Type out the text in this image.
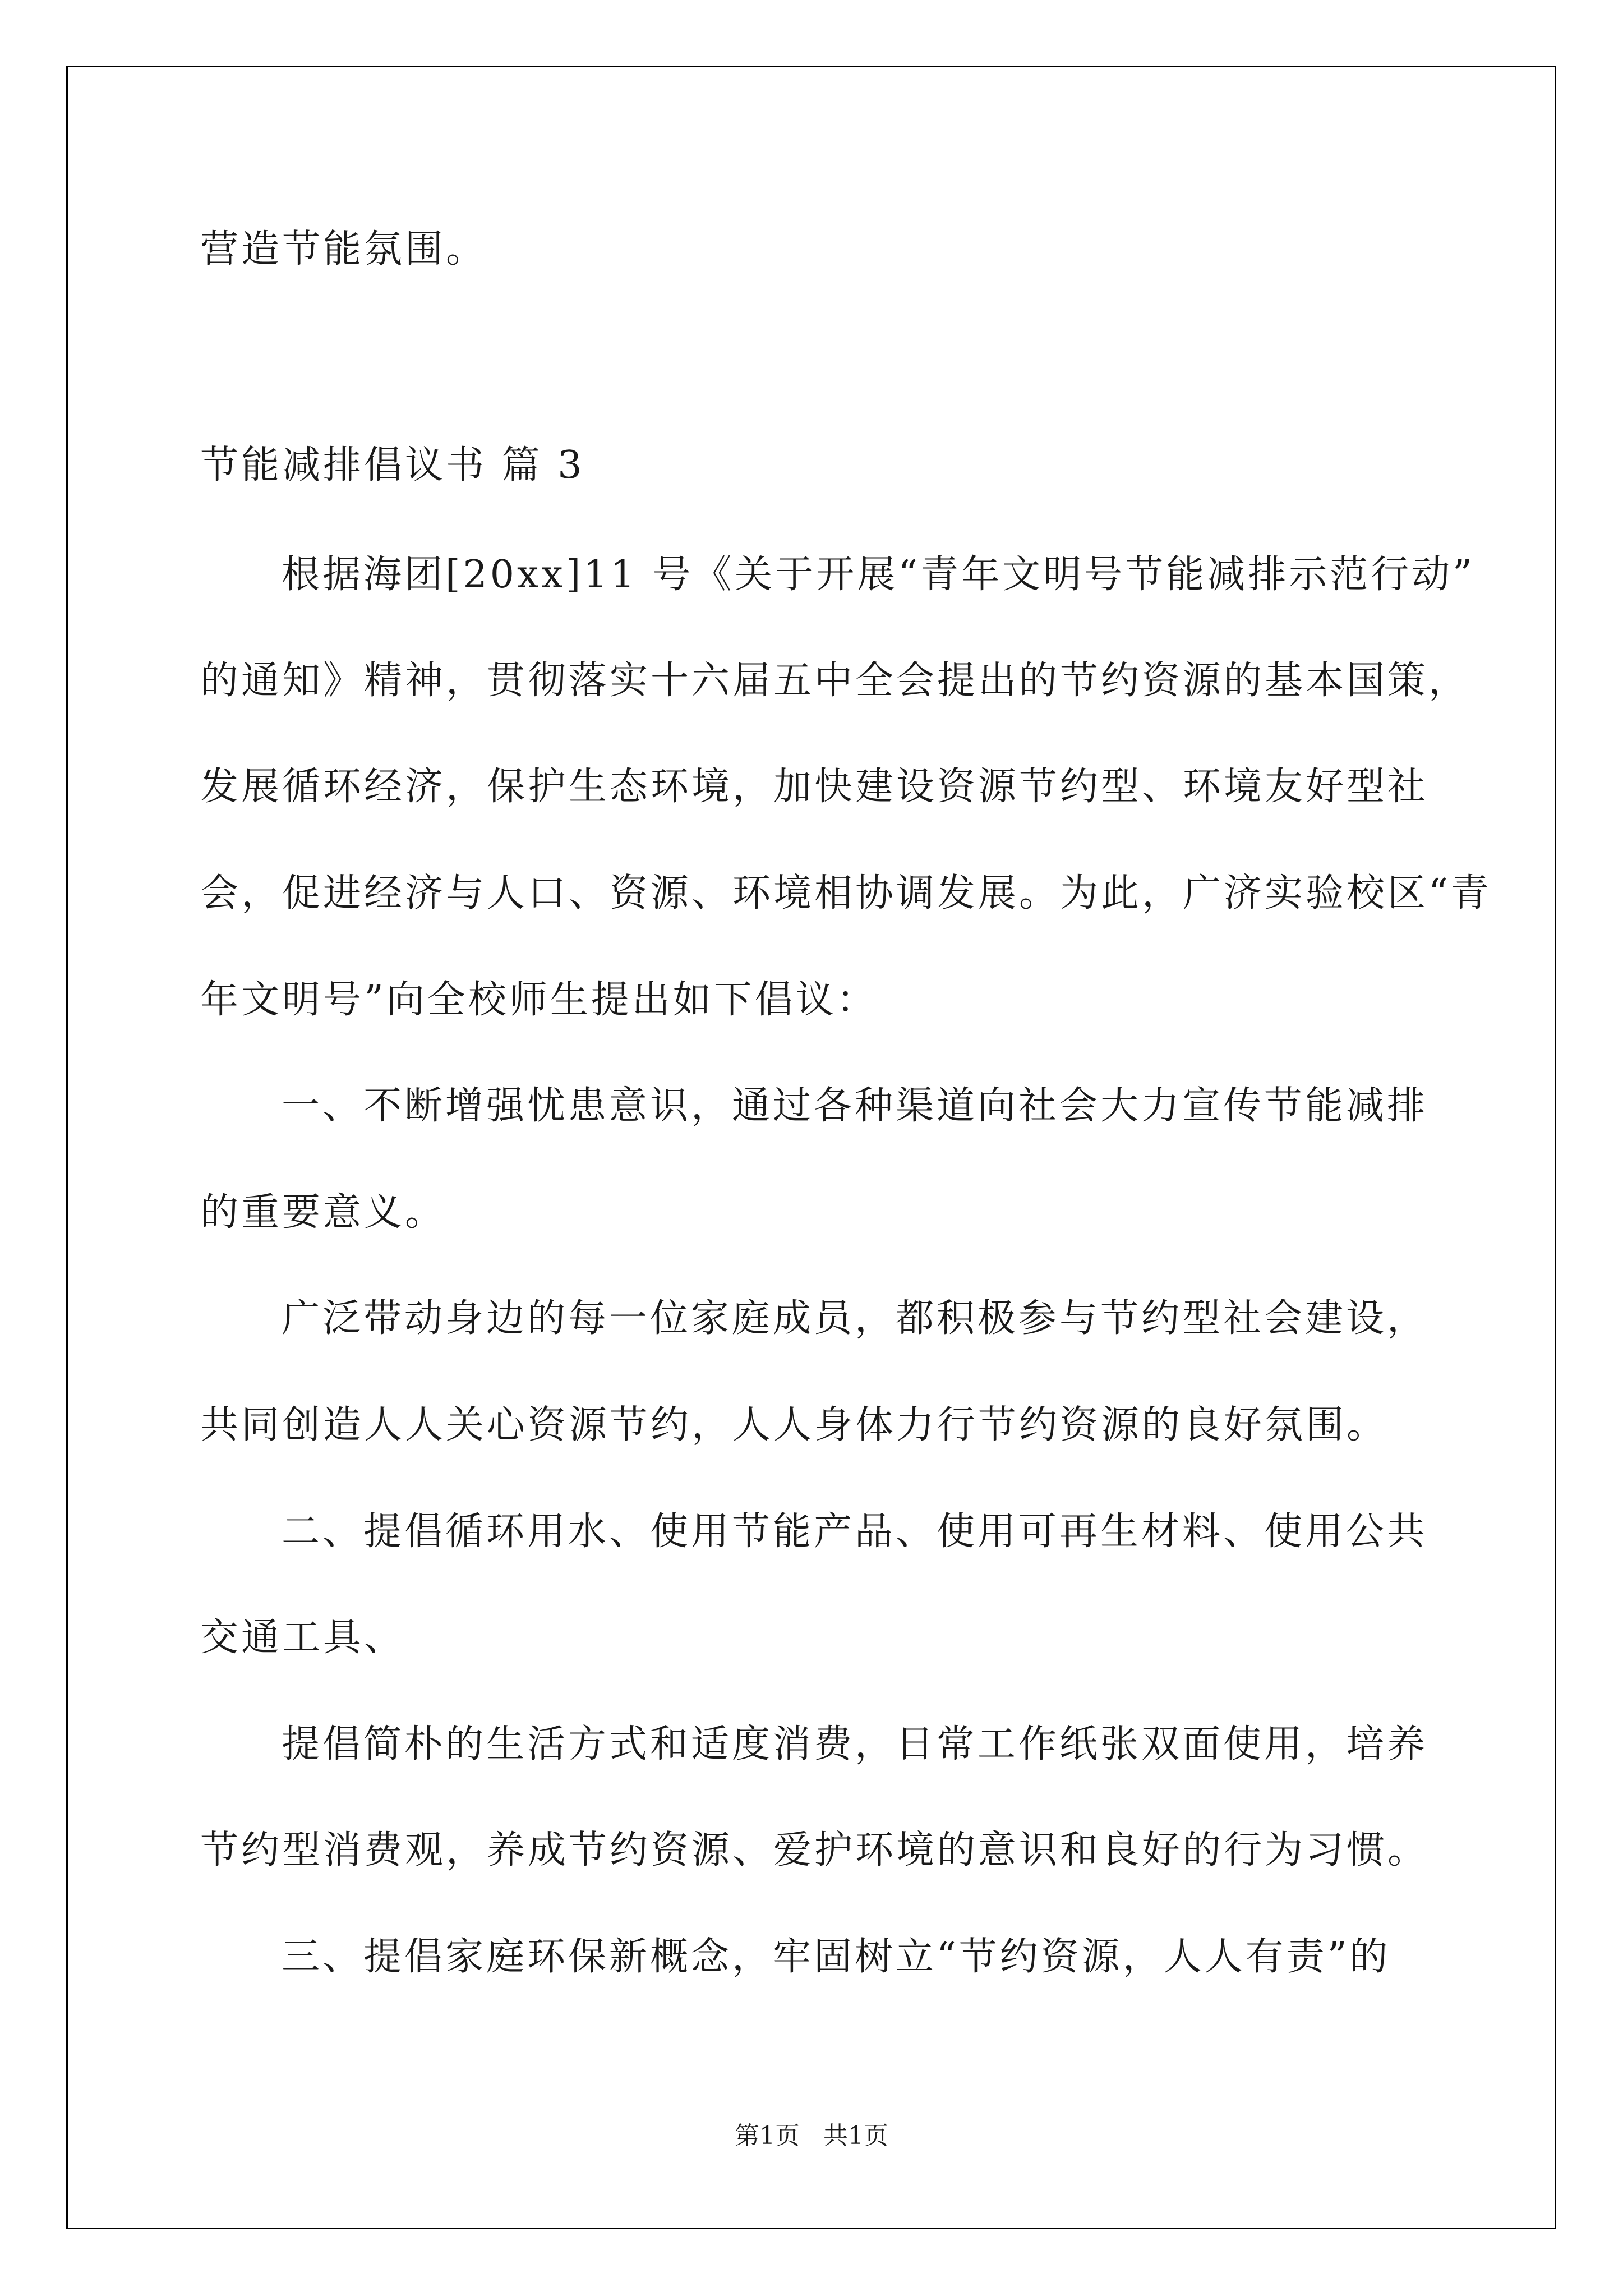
营造节能氛围。
节能减排倡议书 篇 3
根据海团[20xx]11 号《关于开展“青年文明号节能减排示范行动”
的通知》精神，贯彻落实十六届五中全会提出的节约资源的基本国策，
发展循环经济，保护生态环境，加快建设资源节约型、环境友好型社
会，促进经济与人口、资源、环境相协调发展。为此，广济实验校区“青
年文明号”向全校师生提出如下倡议：
一、不断增强忧患意识，通过各种渠道向社会大力宣传节能减排
的重要意义。
广泛带动身边的每一位家庭成员，都积极参与节约型社会建设，
共同创造人人关心资源节约，人人身体力行节约资源的良好氛围。
二、提倡循环用水、使用节能产品、使用可再生材料、使用公共
交通工具、
提倡简朴的生活方式和适度消费，日常工作纸张双面使用，培养
节约型消费观，养成节约资源、爱护环境的意识和良好的行为习惯。
三、提倡家庭环保新概念，牢固树立“节约资源，人人有责”的
第1页   共1页
